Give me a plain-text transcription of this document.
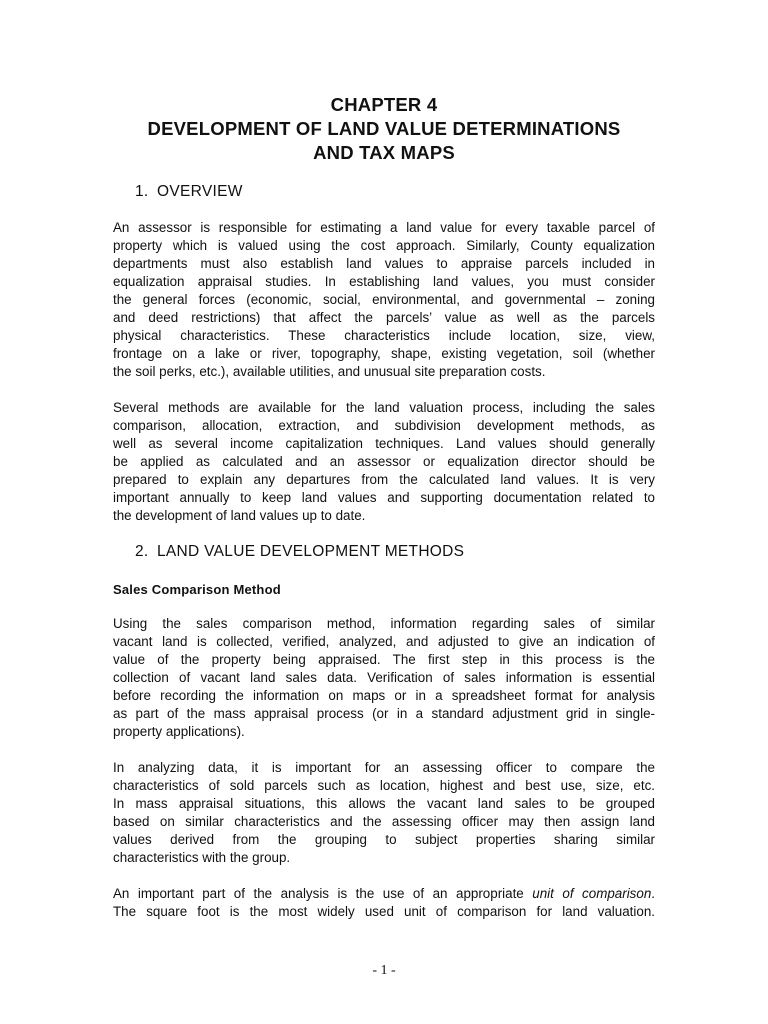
CHAPTER 4
DEVELOPMENT OF LAND VALUE DETERMINATIONS
AND TAX MAPS
1. OVERVIEW
An assessor is responsible for estimating a land value for every taxable parcel of
property which is valued using the cost approach. Similarly, County equalization
departments must also establish land values to appraise parcels included in
equalization appraisal studies. In establishing land values, you must consider
the general forces (economic, social, environmental, and governmental – zoning
and deed restrictions) that affect the parcels’ value as well as the parcels
physical characteristics. These characteristics include location, size, view,
frontage on a lake or river, topography, shape, existing vegetation, soil (whether
the soil perks, etc.), available utilities, and unusual site preparation costs.
Several methods are available for the land valuation process, including the sales
comparison, allocation, extraction, and subdivision development methods, as
well as several income capitalization techniques. Land values should generally
be applied as calculated and an assessor or equalization director should be
prepared to explain any departures from the calculated land values. It is very
important annually to keep land values and supporting documentation related to
the development of land values up to date.
2. LAND VALUE DEVELOPMENT METHODS
Sales Comparison Method
Using the sales comparison method, information regarding sales of similar
vacant land is collected, verified, analyzed, and adjusted to give an indication of
value of the property being appraised. The first step in this process is the
collection of vacant land sales data. Verification of sales information is essential
before recording the information on maps or in a spreadsheet format for analysis
as part of the mass appraisal process (or in a standard adjustment grid in single-
property applications).
In analyzing data, it is important for an assessing officer to compare the
characteristics of sold parcels such as location, highest and best use, size, etc.
In mass appraisal situations, this allows the vacant land sales to be grouped
based on similar characteristics and the assessing officer may then assign land
values derived from the grouping to subject properties sharing similar
characteristics with the group.
An important part of the analysis is the use of an appropriate unit of comparison.
The square foot is the most widely used unit of comparison for land valuation.
- 1 -
